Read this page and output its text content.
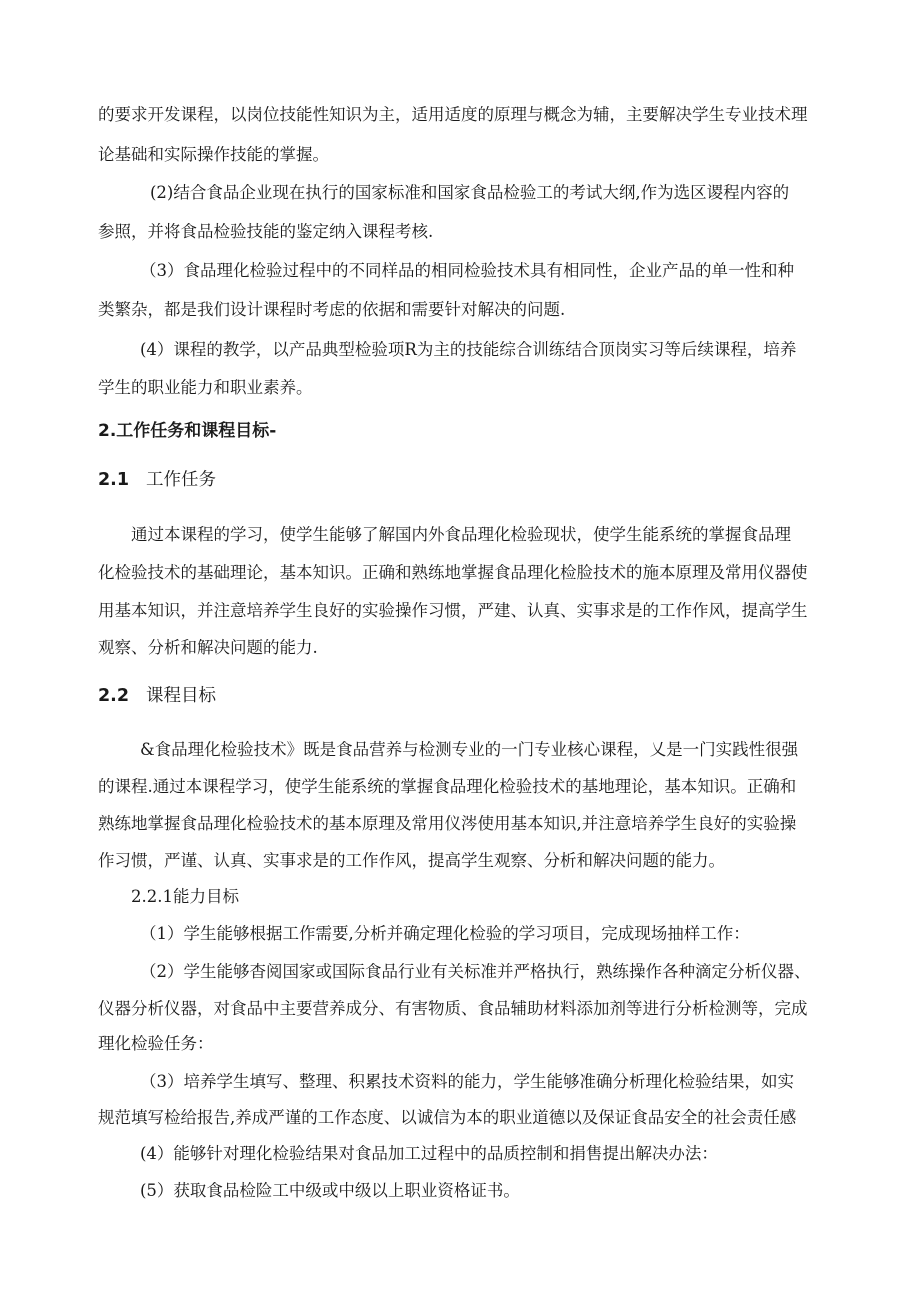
的要求开发课程，以岗位技能性知识为主，适用适度的原理与概念为辅，主要解决学生专业技术理
论基础和实际操作技能的掌握。
(2)结合食品企业现在执行的国家标准和国家食品检验工的考试大纲,作为选区谡程内容的
参照，并将食品检验技能的鉴定纳入课程考核.
（3）食品理化检验过程中的不同样品的相同检验技术具有相同性，企业产品的单一性和种
类繁杂，都是我们设计课程时考虑的依据和需要针对解决的问题.
(4）课程的教学，以产品典型检验项R为主的技能综合训练结合顶岗实习等后续课程，培养
学生的职业能力和职业素养。
2.工作任务和课程目标-
2.1 工作任务
通过本课程的学习，使学生能够了解国内外食品理化检验现状，使学生能系统的掌握食品理
化检验技术的基础理论，基本知识。正确和熟练地掌握食品理化检脸技术的施本原理及常用仪器使
用基本知识，并注意培养学生良好的实验操作习惯，严建、认真、实事求是的工作作风，提高学生
观察、分析和解决问题的能力.
2.2 课程目标
&食品理化检验技术》既是食品营养与检测专业的一门专业核心课程，乂是一门实践性很强
的课程.通过本课程学习，使学生能系统的掌握食品理化检验技术的基地理论，基本知识。正确和
熟练地掌握食品理化检验技术的基本原理及常用仪涔使用基本知识,并注意培养学生良好的实验操
作习惯，严谨、认真、实事求是的工作作风，提高学生观察、分析和解决问题的能力。
2.2.1能力目标
（1）学生能够根据工作需要,分析并确定理化检验的学习项目，完成现场抽样工作：
（2）学生能够杳阅国家或国际食品行业有关标准并严格执行，熟练操作各种滴定分析仪器、
仪器分析仪器，对食品中主要营养成分、有害物质、食品辅助材料添加剂等进行分析检测等，完成
理化检验任务：
（3）培养学生填写、整理、积累技术资料的能力，学生能够准确分析理化检验结果，如实
规范填写检给报告,养成严谨的工作态度、以诚信为本的职业道德以及保证食品安全的社会责任感
(4）能够针对理化检验结果对食品加工过程中的品质控制和捐售提出解决办法：
(5）获取食品检险工中级或中级以上职业资格证书。
